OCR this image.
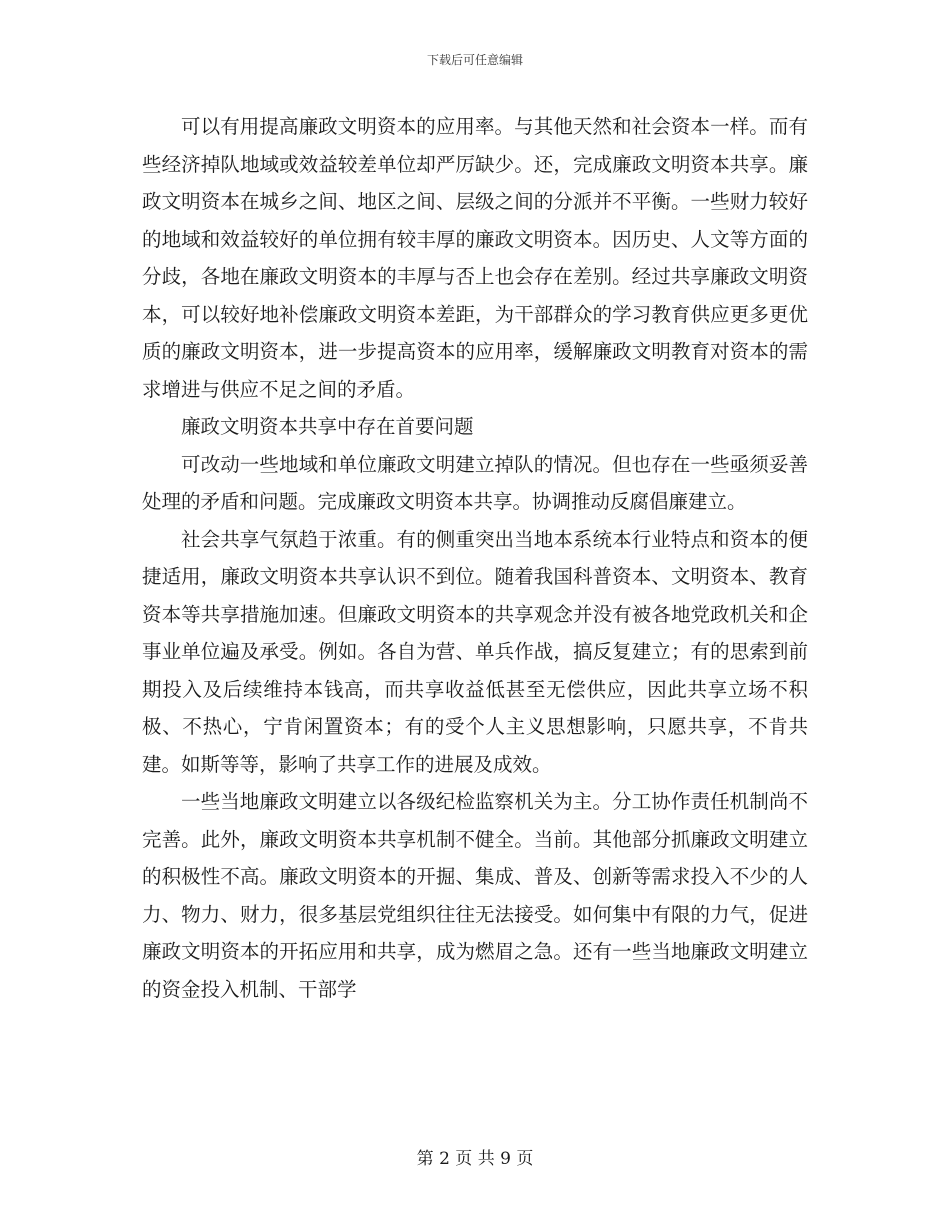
下载后可任意编辑

可以有用提高廉政文明资本的应用率。与其他天然和社会资本一样。而有些经济掉队地域或效益较差单位却严厉缺少。还，完成廉政文明资本共享。廉政文明资本在城乡之间、地区之间、层级之间的分派并不平衡。一些财力较好的地域和效益较好的单位拥有较丰厚的廉政文明资本。因历史、人文等方面的分歧，各地在廉政文明资本的丰厚与否上也会存在差别。经过共享廉政文明资本，可以较好地补偿廉政文明资本差距，为干部群众的学习教育供应更多更优质的廉政文明资本，进一步提高资本的应用率，缓解廉政文明教育对资本的需求增进与供应不足之间的矛盾。

廉政文明资本共享中存在首要问题

可改动一些地域和单位廉政文明建立掉队的情况。但也存在一些亟须妥善处理的矛盾和问题。完成廉政文明资本共享。协调推动反腐倡廉建立。

社会共享气氛趋于浓重。有的侧重突出当地本系统本行业特点和资本的便捷适用，廉政文明资本共享认识不到位。随着我国科普资本、文明资本、教育资本等共享措施加速。但廉政文明资本的共享观念并没有被各地党政机关和企事业单位遍及承受。例如。各自为营、单兵作战，搞反复建立；有的思索到前期投入及后续维持本钱高，而共享收益低甚至无偿供应，因此共享立场不积极、不热心，宁肯闲置资本；有的受个人主义思想影响，只愿共享，不肯共建。如斯等等，影响了共享工作的进展及成效。

一些当地廉政文明建立以各级纪检监察机关为主。分工协作责任机制尚不完善。此外，廉政文明资本共享机制不健全。当前。其他部分抓廉政文明建立的积极性不高。廉政文明资本的开掘、集成、普及、创新等需求投入不少的人力、物力、财力，很多基层党组织往往无法接受。如何集中有限的力气，促进廉政文明资本的开拓应用和共享，成为燃眉之急。还有一些当地廉政文明建立的资金投入机制、干部学

第 2 页 共 9 页
